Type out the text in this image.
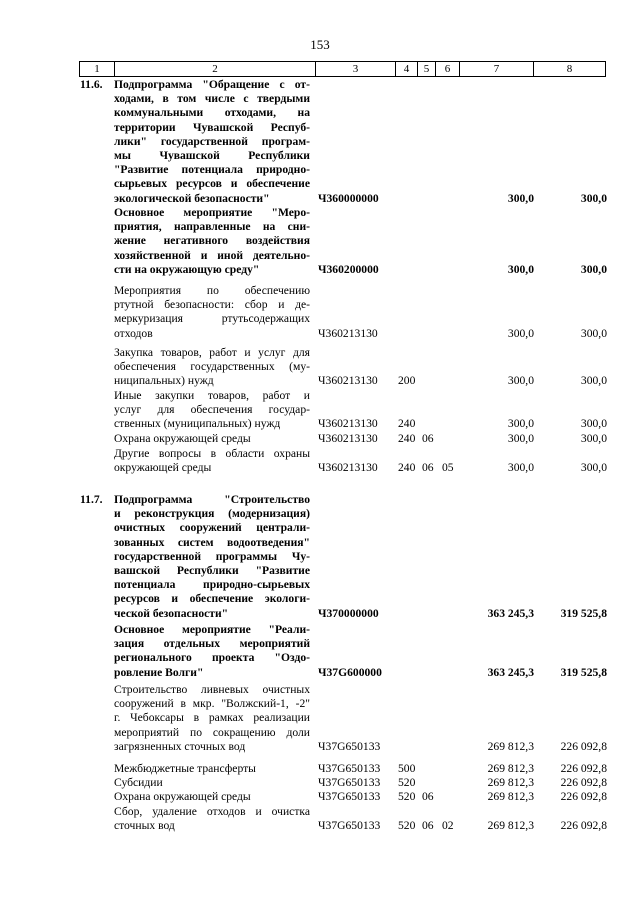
153
1	2	3	4	5	6	7	8
11.6. Подпрограмма "Обращение с от-
ходами, в том числе с твердыми
коммунальными отходами, на
территории Чувашской Респуб-
лики" государственной програм-
мы Чувашской Республики
"Развитие потенциала природно-
сырьевых ресурсов и обеспечение
экологической безопасности"	Ч360000000	300,0	300,0
Основное мероприятие "Меро-
приятия, направленные на сни-
жение негативного воздействия
хозяйственной и иной деятельно-
сти на окружающую среду"	Ч360200000	300,0	300,0
Мероприятия по обеспечению
ртутной безопасности: сбор и де-
меркуризация ртутьсодержащих
отходов	Ч360213130	300,0	300,0
Закупка товаров, работ и услуг для
обеспечения государственных (му-
ниципальных) нужд	Ч360213130 200	300,0	300,0
Иные закупки товаров, работ и
услуг для обеспечения государ-
ственных (муниципальных) нужд	Ч360213130 240	300,0	300,0
Охрана окружающей среды	Ч360213130 240 06	300,0	300,0
Другие вопросы в области охраны
окружающей среды	Ч360213130 240 06 05	300,0	300,0
11.7. Подпрограмма "Строительство
и реконструкция (модернизация)
очистных сооружений централи-
зованных систем водоотведения"
государственной программы Чу-
вашской Республики "Развитие
потенциала природно-сырьевых
ресурсов и обеспечение экологи-
ческой безопасности"	Ч370000000	363 245,3 319 525,8
Основное мероприятие "Реали-
зация отдельных мероприятий
регионального проекта "Оздо-
ровление Волги"	Ч37G600000	363 245,3 319 525,8
Строительство ливневых очистных
сооружений в мкр. "Волжский-1, -2"
г. Чебоксары в рамках реализации
мероприятий по сокращению доли
загрязненных сточных вод	Ч37G650133	269 812,3 226 092,8
Межбюджетные трансферты	Ч37G650133 500	269 812,3 226 092,8
Субсидии	Ч37G650133 520	269 812,3 226 092,8
Охрана окружающей среды	Ч37G650133 520 06	269 812,3 226 092,8
Сбор, удаление отходов и очистка
сточных вод	Ч37G650133 520 06 02	269 812,3 226 092,8
